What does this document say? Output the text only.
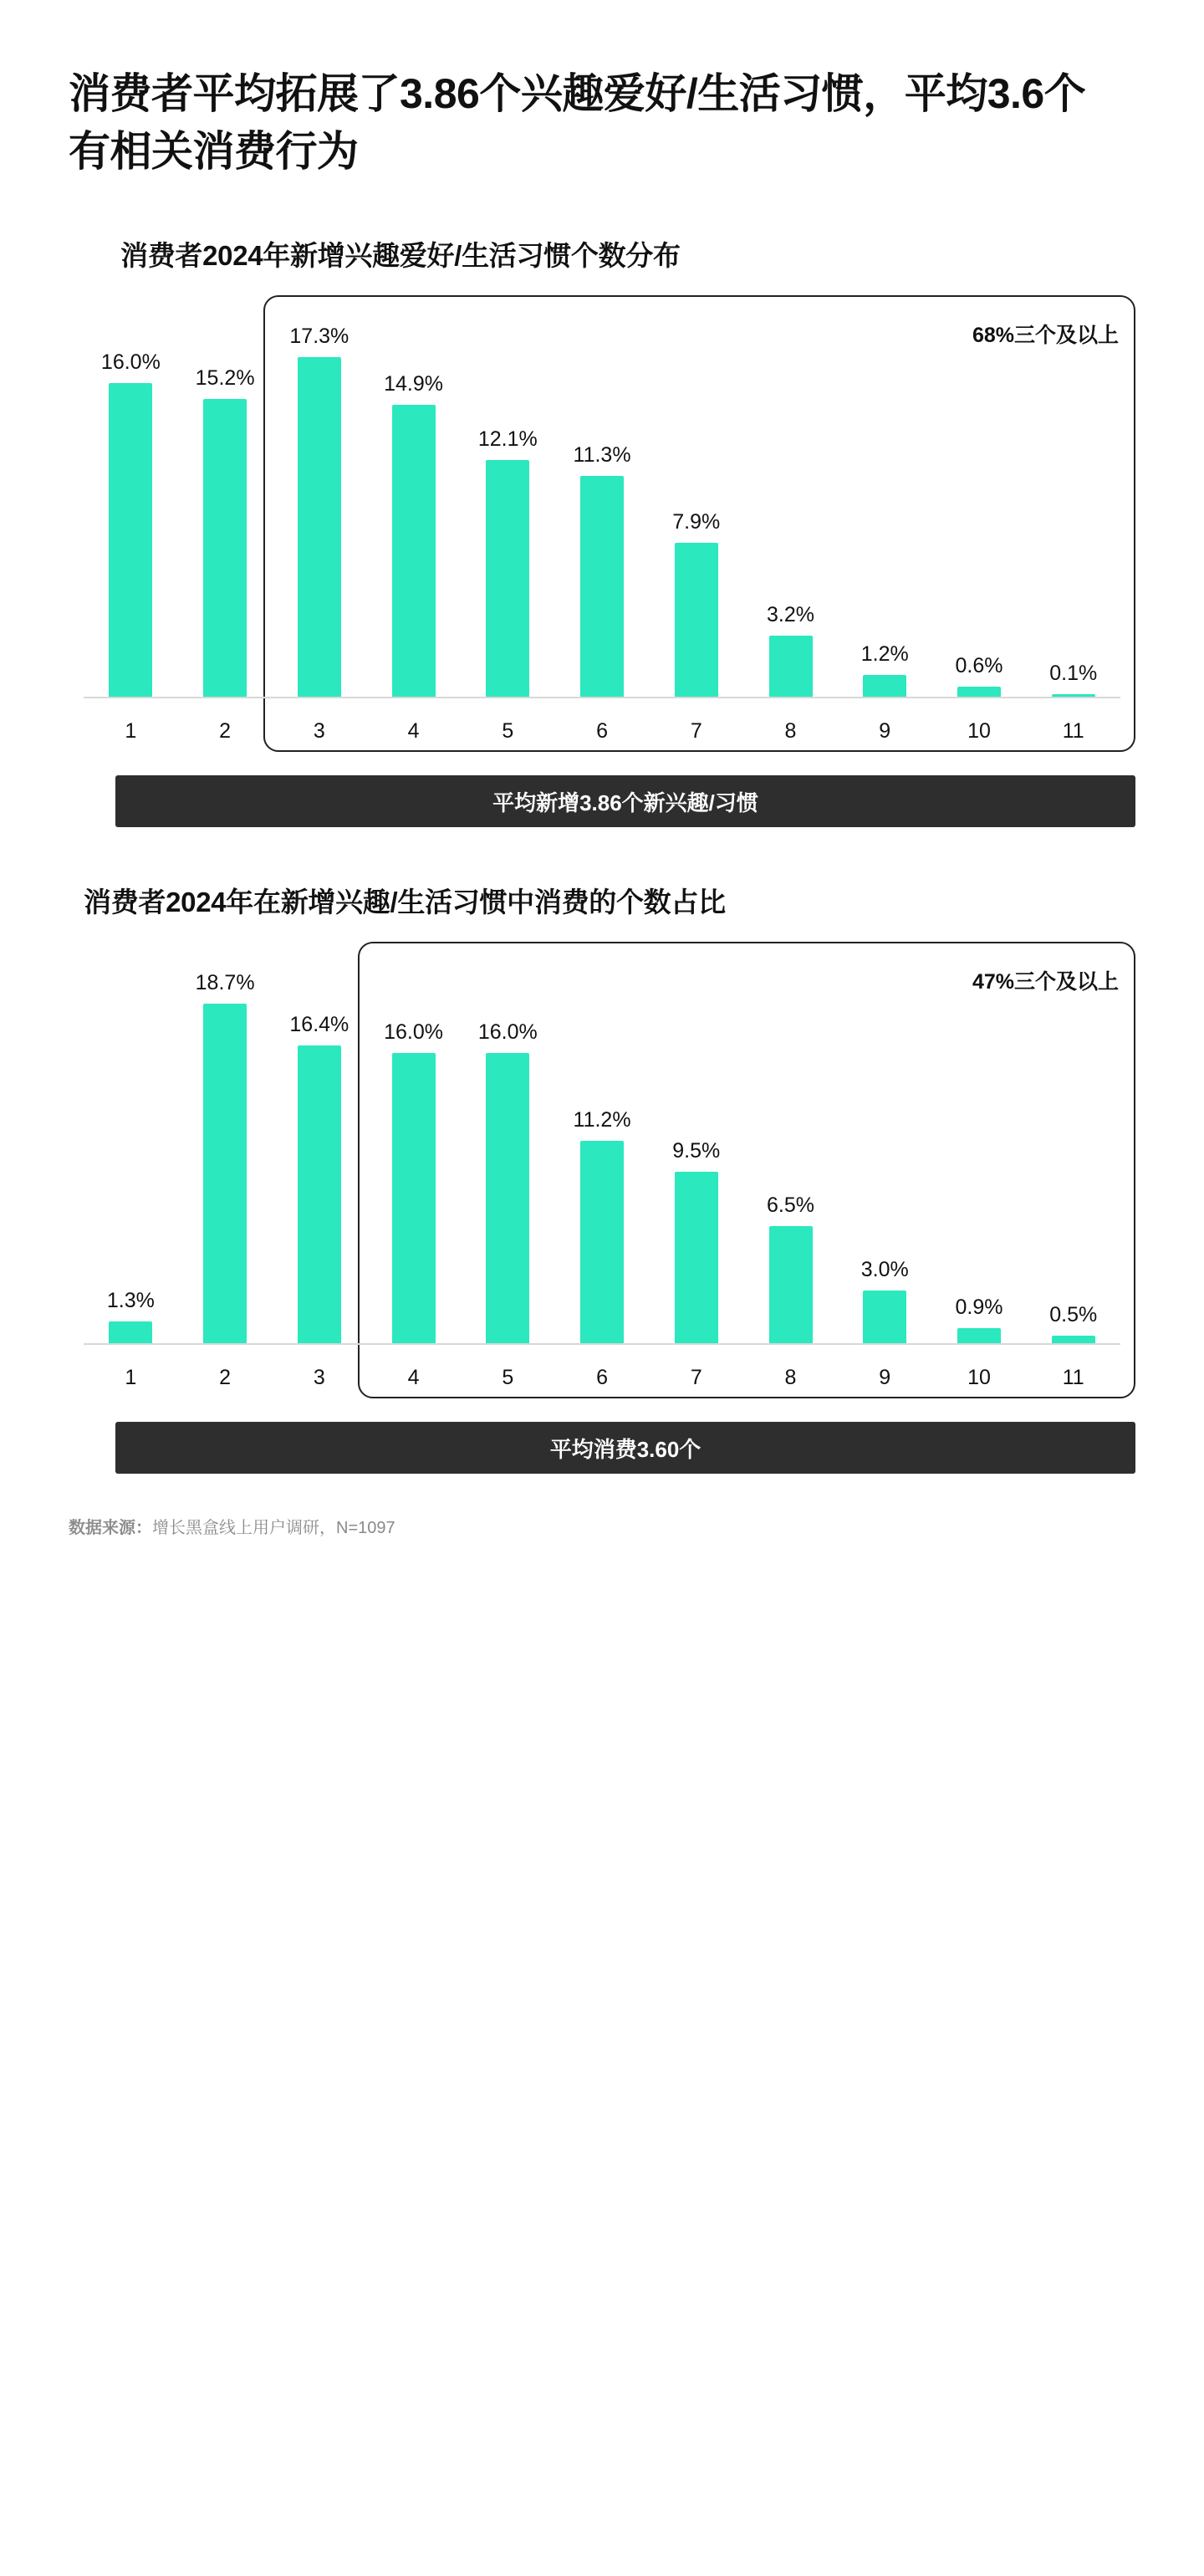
消费者平均拓展了3.86个兴趣爱好/生活习惯，平均3.6个有相关消费行为
消费者2024年新增兴趣爱好/生活习惯个数分布
68%三个及以上
16.0%
15.2%
17.3%
14.9%
12.1%
11.3%
7.9%
3.2%
1.2%
0.6% 0.1%
1	2	3	4	5	6	7	8	9	10	11
平均新增3.86个新兴趣/习惯
消费者2024年在新增兴趣/生活习惯中消费的个数占比
47%三个及以上
1.3%
18.7%
16.4% 16.0% 16.0%
11.2%
9.5%
6.5%
3.0%
0.9% 0.5%
1	2	3	4	5	6	7	8	9	10	11
平均消费3.60个
数据来源：增长黑盒线上用户调研，N=1097
